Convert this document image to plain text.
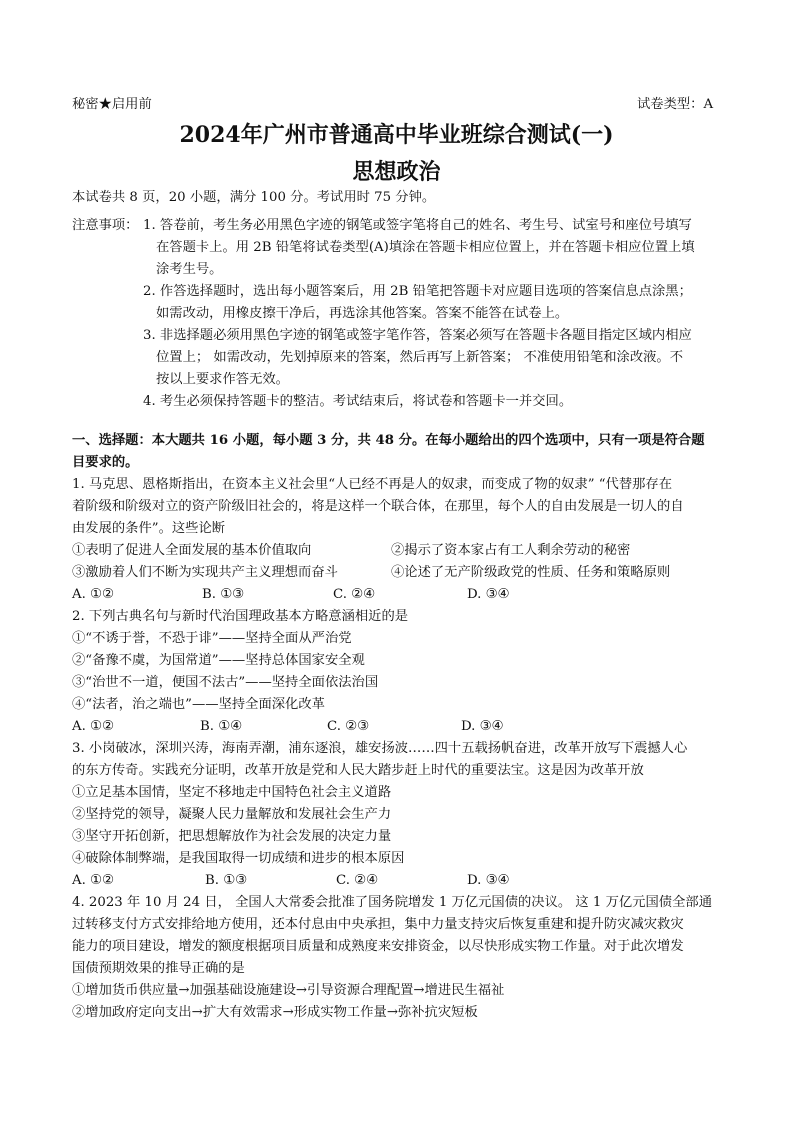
秘密★启用前	试卷类型：A
2024年广州市普通高中毕业班综合测试(一)
思想政治
本试卷共 8 页，20 小题，满分 100 分。考试用时 75 分钟。
注意事项： 1. 答卷前，考生务必用黑色字迹的钢笔或签字笔将自己的姓名、考生号、试室号和座位号填写
在答题卡上。用 2B 铅笔将试卷类型(A)填涂在答题卡相应位置上，并在答题卡相应位置上填
涂考生号。
2. 作答选择题时，选出每小题答案后，用 2B 铅笔把答题卡对应题目选项的答案信息点涂黑；
如需改动，用橡皮擦干净后，再选涂其他答案。答案不能答在试卷上。
3. 非选择题必须用黑色字迹的钢笔或签字笔作答，答案必须写在答题卡各题目指定区域内相应
位置上； 如需改动，先划掉原来的答案，然后再写上新答案； 不准使用铅笔和涂改液。不
按以上要求作答无效。
4. 考生必须保持答题卡的整洁。考试结束后，将试卷和答题卡一并交回。
一、选择题：本大题共 16 小题，每小题 3 分，共 48 分。在每小题给出的四个选项中，只有一项是符合题
目要求的。
1. 马克思、恩格斯指出，在资本主义社会里“人已经不再是人的奴隶，而变成了物的奴隶” “代替那存在
着阶级和阶级对立的资产阶级旧社会的，将是这样一个联合体，在那里，每个人的自由发展是一切人的自
由发展的条件”。这些论断
①表明了促进人全面发展的基本价值取向	②揭示了资本家占有工人剩余劳动的秘密
③激励着人们不断为实现共产主义理想而奋斗	④论述了无产阶级政党的性质、任务和策略原则
A. ①②	B. ①③	C. ②④	D. ③④
2. 下列古典名句与新时代治国理政基本方略意涵相近的是
①“不诱于誉，不恐于诽”——坚持全面从严治党
②“备豫不虞，为国常道”——坚持总体国家安全观
③“治世不一道，便国不法古”——坚持全面依法治国
④“法者，治之端也”——坚持全面深化改革
A. ①②	B. ①④	C. ②③	D. ③④
3. 小岗破冰，深圳兴涛，海南弄潮，浦东逐浪，雄安扬波……四十五载扬帆奋进，改革开放写下震撼人心
的东方传奇。实践充分证明，改革开放是党和人民大踏步赶上时代的重要法宝。这是因为改革开放
①立足基本国情，坚定不移地走中国特色社会主义道路
②坚持党的领导，凝聚人民力量解放和发展社会生产力
③坚守开拓创新，把思想解放作为社会发展的决定力量
④破除体制弊端，是我国取得一切成绩和进步的根本原因
A. ①②	B. ①③	C. ②④	D. ③④
4. 2023 年 10 月 24 日， 全国人大常委会批准了国务院增发 1 万亿元国债的决议。 这 1 万亿元国债全部通
过转移支付方式安排给地方使用，还本付息由中央承担，集中力量支持灾后恢复重建和提升防灾减灾救灾
能力的项目建设，增发的额度根据项目质量和成熟度来安排资金，以尽快形成实物工作量。对于此次增发
国债预期效果的推导正确的是
①增加货币供应量→加强基础设施建设→引导资源合理配置→增进民生福祉
②增加政府定向支出→扩大有效需求→形成实物工作量→弥补抗灾短板
